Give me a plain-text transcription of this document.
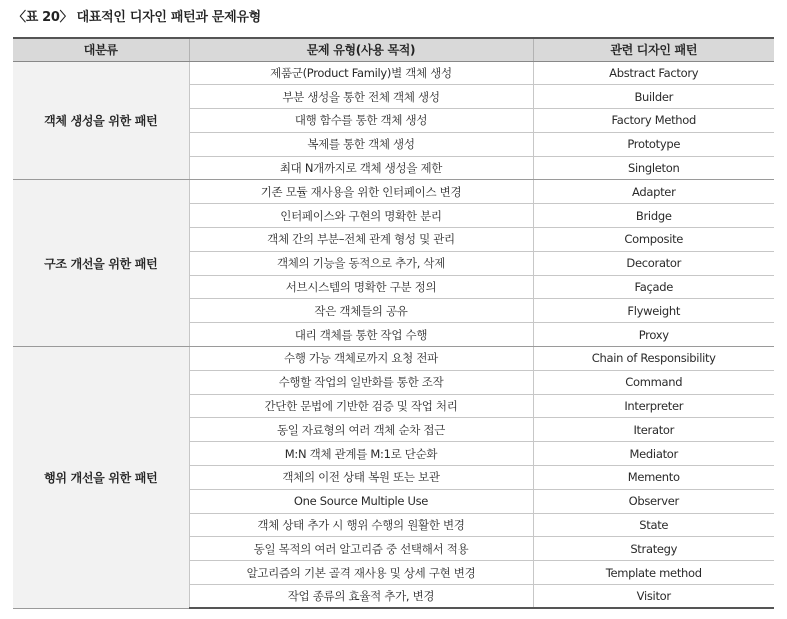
〈표 20〉 대표적인 디자인 패턴과 문제유형
대분류	문제 유형(사용 목적)	관련 디자인 패턴
객체 생성을 위한 패턴	제품군(Product Family)별 객체 생성	Abstract Factory
	부분 생성을 통한 전체 객체 생성	Builder
	대행 함수를 통한 객체 생성	Factory Method
	복제를 통한 객체 생성	Prototype
	최대 N개까지로 객체 생성을 제한	Singleton
구조 개선을 위한 패턴	기존 모듈 재사용을 위한 인터페이스 변경	Adapter
	인터페이스와 구현의 명확한 분리	Bridge
	객체 간의 부분–전체 관계 형성 및 관리	Composite
	객체의 기능을 동적으로 추가, 삭제	Decorator
	서브시스템의 명확한 구분 정의	Façade
	작은 객체들의 공유	Flyweight
	대리 객체를 통한 작업 수행	Proxy
행위 개선을 위한 패턴	수행 가능 객체로까지 요청 전파	Chain of Responsibility
	수행할 작업의 일반화를 통한 조작	Command
	간단한 문법에 기반한 검증 및 작업 처리	Interpreter
	동일 자료형의 여러 객체 순차 접근	Iterator
	M:N 객체 관계를 M:1로 단순화	Mediator
	객체의 이전 상태 복원 또는 보관	Memento
	One Source Multiple Use	Observer
	객체 상태 추가 시 행위 수행의 원활한 변경	State
	동일 목적의 여러 알고리즘 중 선택해서 적용	Strategy
	알고리즘의 기본 골격 재사용 및 상세 구현 변경	Template method
	작업 종류의 효율적 추가, 변경	Visitor
